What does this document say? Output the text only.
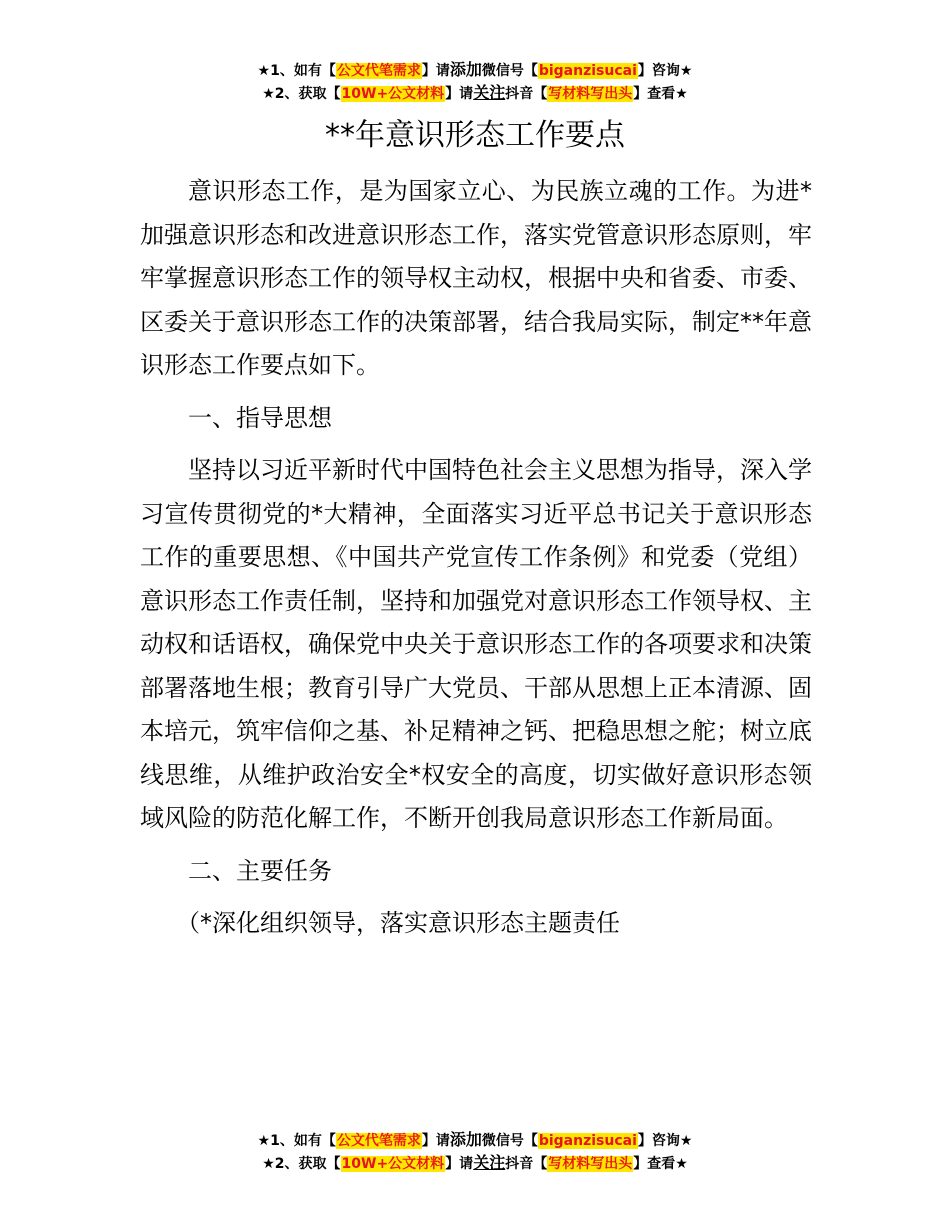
★1、如有【公文代笔需求】请添加微信号【biganzisucai】咨询★
★2、获取【10W+公文材料】请关注抖音【写材料写出头】查看★
**年意识形态工作要点

意识形态工作，是为国家立心、为民族立魂的工作。为进*加强意识形态和改进意识形态工作，落实党管意识形态原则，牢牢掌握意识形态工作的领导权主动权，根据中央和省委、市委、区委关于意识形态工作的决策部署，结合我局实际，制定**年意识形态工作要点如下。

一、指导思想

坚持以习近平新时代中国特色社会主义思想为指导，深入学习宣传贯彻党的*大精神，全面落实习近平总书记关于意识形态工作的重要思想、《中国共产党宣传工作条例》和党委（党组）意识形态工作责任制，坚持和加强党对意识形态工作领导权、主动权和话语权，确保党中央关于意识形态工作的各项要求和决策部署落地生根；教育引导广大党员、干部从思想上正本清源、固本培元，筑牢信仰之基、补足精神之钙、把稳思想之舵；树立底线思维，从维护政治安全*权安全的高度，切实做好意识形态领域风险的防范化解工作，不断开创我局意识形态工作新局面。

二、主要任务

（*深化组织领导，落实意识形态主题责任

★1、如有【公文代笔需求】请添加微信号【biganzisucai】咨询★
★2、获取【10W+公文材料】请关注抖音【写材料写出头】查看★
